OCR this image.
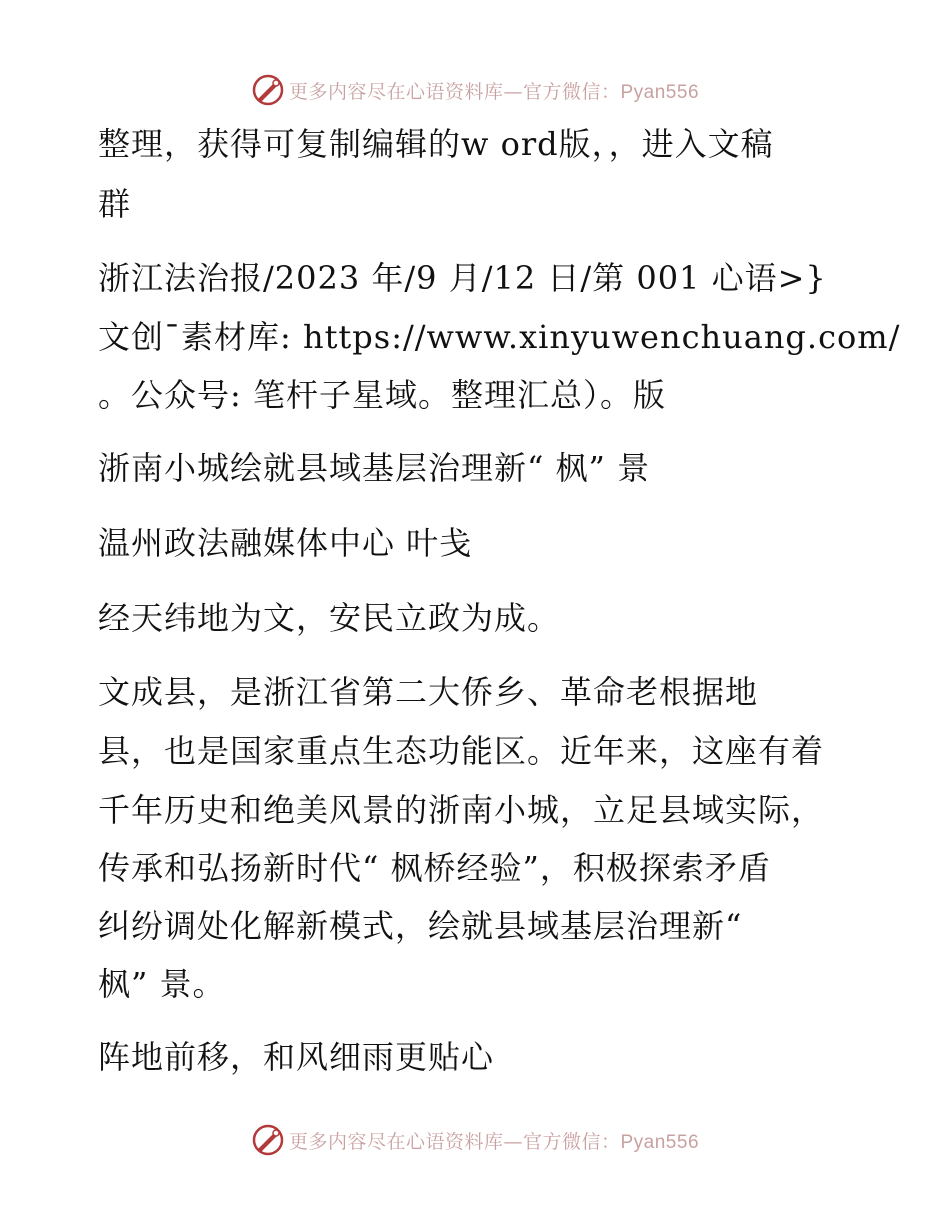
更多内容尽在心语资料库—官方微信：Pyan556
整理，获得可复制编辑的w ord版，，进入文稿
群
浙江法治报/2023 年/9 月/12 日/第 001 心语>}
文创¯素材库: https://www.xinyuwenchuang.com/
。公众号: 笔杆子星域。整理汇总）。版
浙南小城绘就县域基层治理新“ 枫” 景
温州政法融媒体中心 叶戋
经天纬地为文，安民立政为成。
文成县，是浙江省第二大侨乡、革命老根据地
县，也是国家重点生态功能区。近年来，这座有着
千年历史和绝美风景的浙南小城，立足县域实际，
传承和弘扬新时代“ 枫桥经验”，积极探索矛盾
纠纷调处化解新模式，绘就县域基层治理新“
枫” 景。
阵地前移，和风细雨更贴心
更多内容尽在心语资料库—官方微信：Pyan556
